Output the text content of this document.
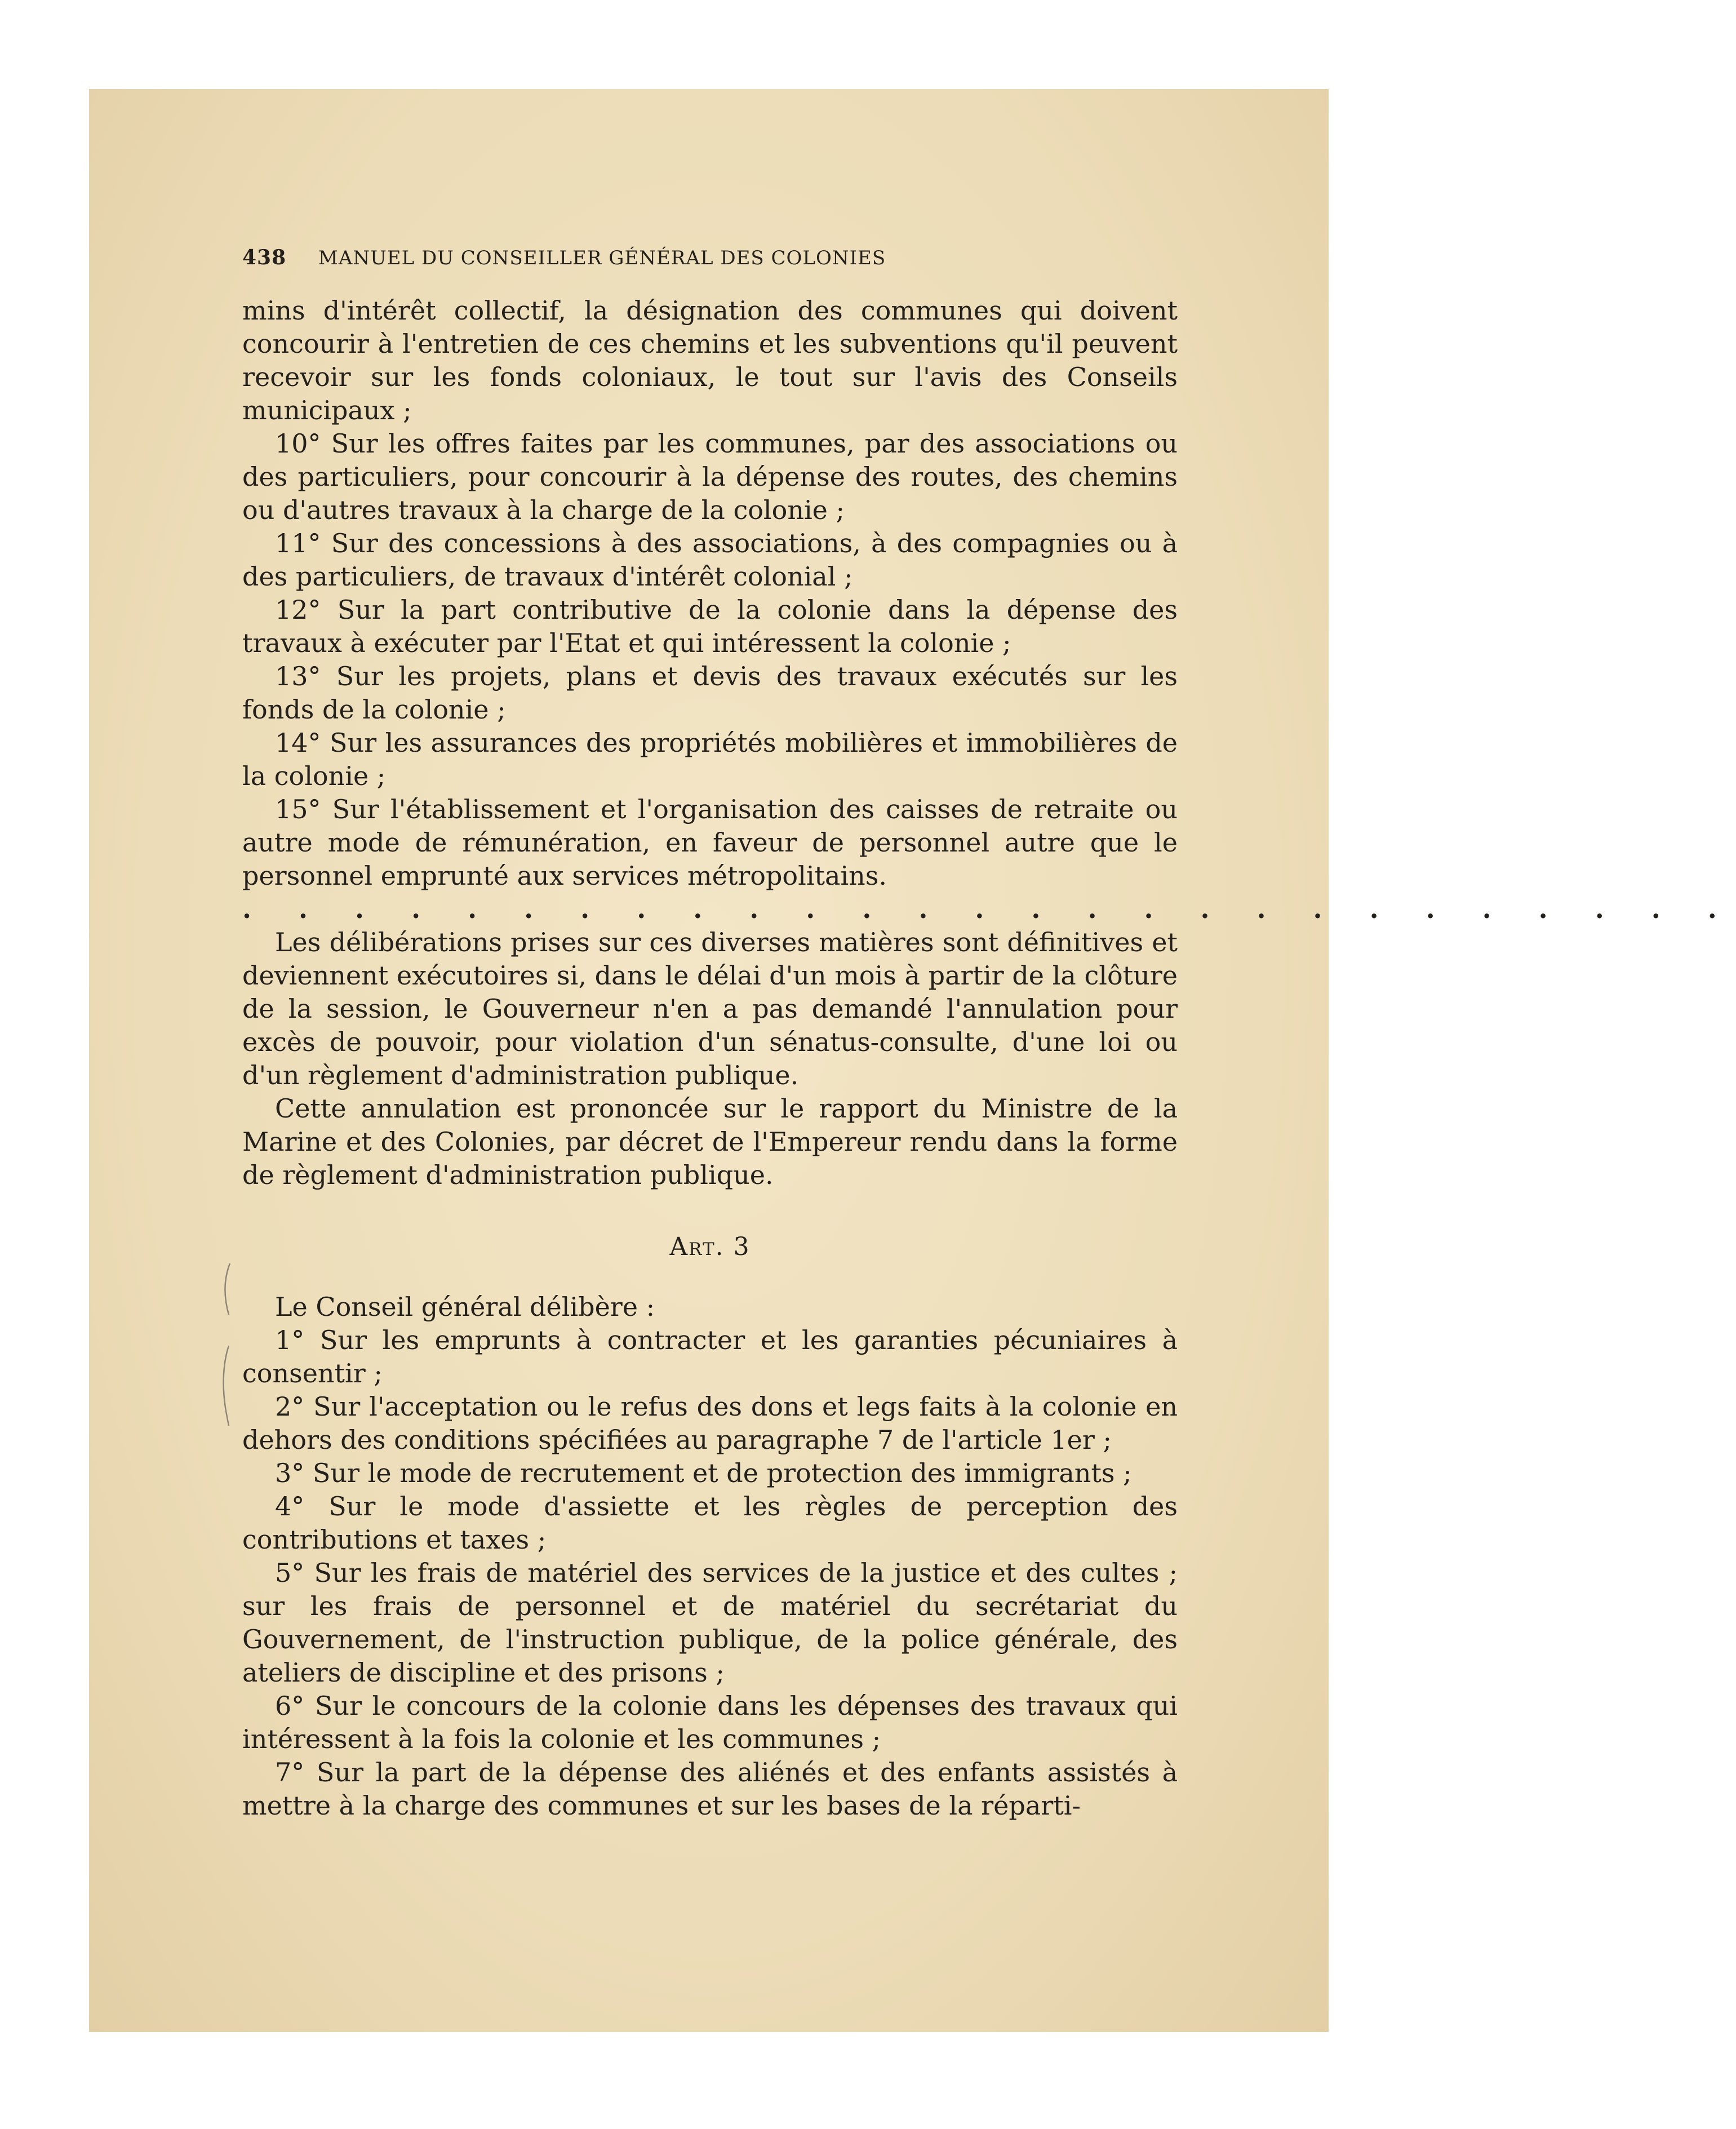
438	MANUEL DU CONSEILLER GÉNÉRAL DES COLONIES

mins d'intérêt collectif, la désignation des communes qui doivent concourir à l'entretien de ces chemins et les subventions qu'il peuvent recevoir sur les fonds coloniaux, le tout sur l'avis des Conseils municipaux ;

10° Sur les offres faites par les communes, par des associations ou des particuliers, pour concourir à la dépense des routes, des chemins ou d'autres travaux à la charge de la colonie ;

11° Sur des concessions à des associations, à des compagnies ou à des particuliers, de travaux d'intérêt colonial ;

12° Sur la part contributive de la colonie dans la dépense des travaux à exécuter par l'Etat et qui intéressent la colonie ;

13° Sur les projets, plans et devis des travaux exécutés sur les fonds de la colonie ;

14° Sur les assurances des propriétés mobilières et immobilières de la colonie ;

15° Sur l'établissement et l'organisation des caisses de retraite ou autre mode de rémunération, en faveur de personnel autre que le personnel emprunté aux services métropolitains.

. . . . . . . . . . . . . . . . . . . . . . . . . . .

Les délibérations prises sur ces diverses matières sont définitives et deviennent exécutoires si, dans le délai d'un mois à partir de la clôture de la session, le Gouverneur n'en a pas demandé l'annulation pour excès de pouvoir, pour violation d'un sénatus-consulte, d'une loi ou d'un règlement d'administration publique.

Cette annulation est prononcée sur le rapport du Ministre de la Marine et des Colonies, par décret de l'Empereur rendu dans la forme de règlement d'administration publique.

Art. 3

Le Conseil général délibère :

1° Sur les emprunts à contracter et les garanties pécuniaires à consentir ;

2° Sur l'acceptation ou le refus des dons et legs faits à la colonie en dehors des conditions spécifiées au paragraphe 7 de l'article 1er ;

3° Sur le mode de recrutement et de protection des immigrants ;

4° Sur le mode d'assiette et les règles de perception des contributions et taxes ;

5° Sur les frais de matériel des services de la justice et des cultes ; sur les frais de personnel et de matériel du secrétariat du Gouvernement, de l'instruction publique, de la police générale, des ateliers de discipline et des prisons ;

6° Sur le concours de la colonie dans les dépenses des travaux qui intéressent à la fois la colonie et les communes ;

7° Sur la part de la dépense des aliénés et des enfants assistés à mettre à la charge des communes et sur les bases de la réparti-
